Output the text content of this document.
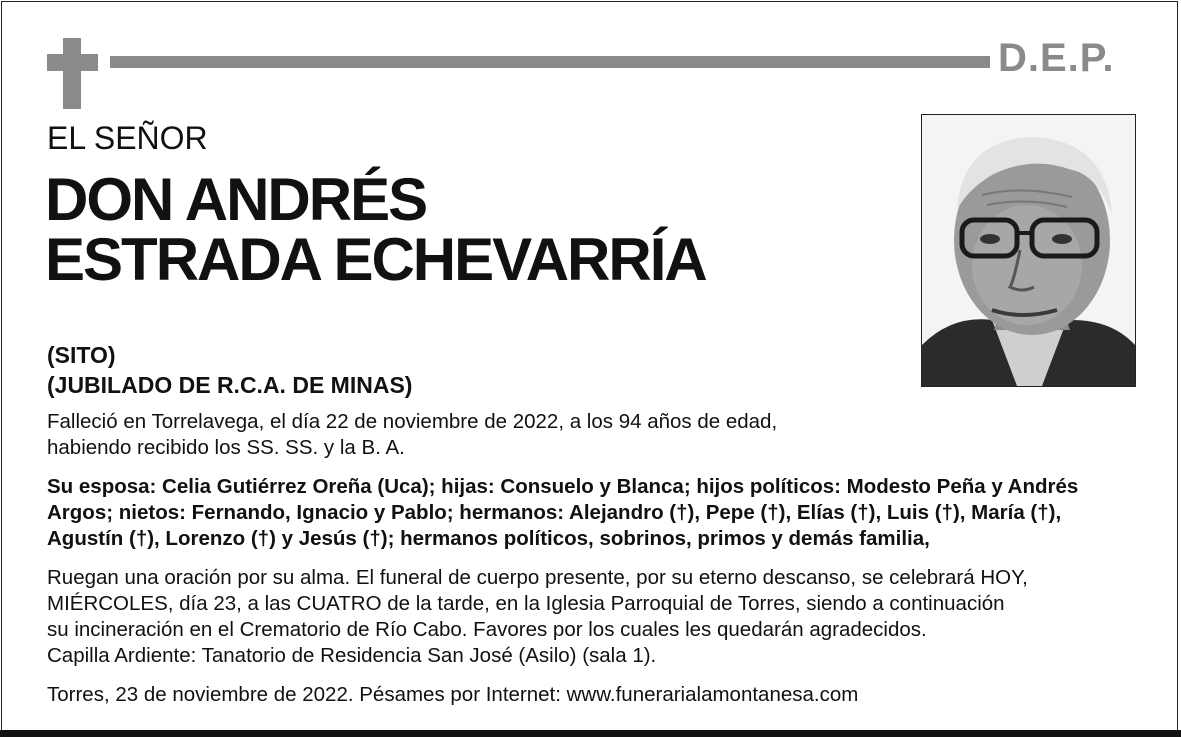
D.E.P.
EL SEÑOR
DON ANDRÉS
ESTRADA ECHEVARRÍA
(SITO)
(JUBILADO DE R.C.A. DE MINAS)
Falleció en Torrelavega, el día 22 de noviembre de 2022, a los 94 años de edad,
habiendo recibido los SS. SS. y la B. A.
Su esposa: Celia Gutiérrez Oreña (Uca); hijas: Consuelo y Blanca; hijos políticos: Modesto Peña y Andrés
Argos; nietos: Fernando, Ignacio y Pablo; hermanos: Alejandro (†), Pepe (†), Elías (†), Luis (†), María (†),
Agustín (†), Lorenzo (†) y Jesús (†); hermanos políticos, sobrinos, primos y demás familia,
Ruegan una oración por su alma. El funeral de cuerpo presente, por su eterno descanso, se celebrará HOY,
MIÉRCOLES, día 23, a las CUATRO de la tarde, en la Iglesia Parroquial de Torres, siendo a continuación
su incineración en el Crematorio de Río Cabo. Favores por los cuales les quedarán agradecidos.
Capilla Ardiente: Tanatorio de Residencia San José (Asilo) (sala 1).
Torres, 23 de noviembre de 2022. Pésames por Internet: www.funerarialamontanesa.com
